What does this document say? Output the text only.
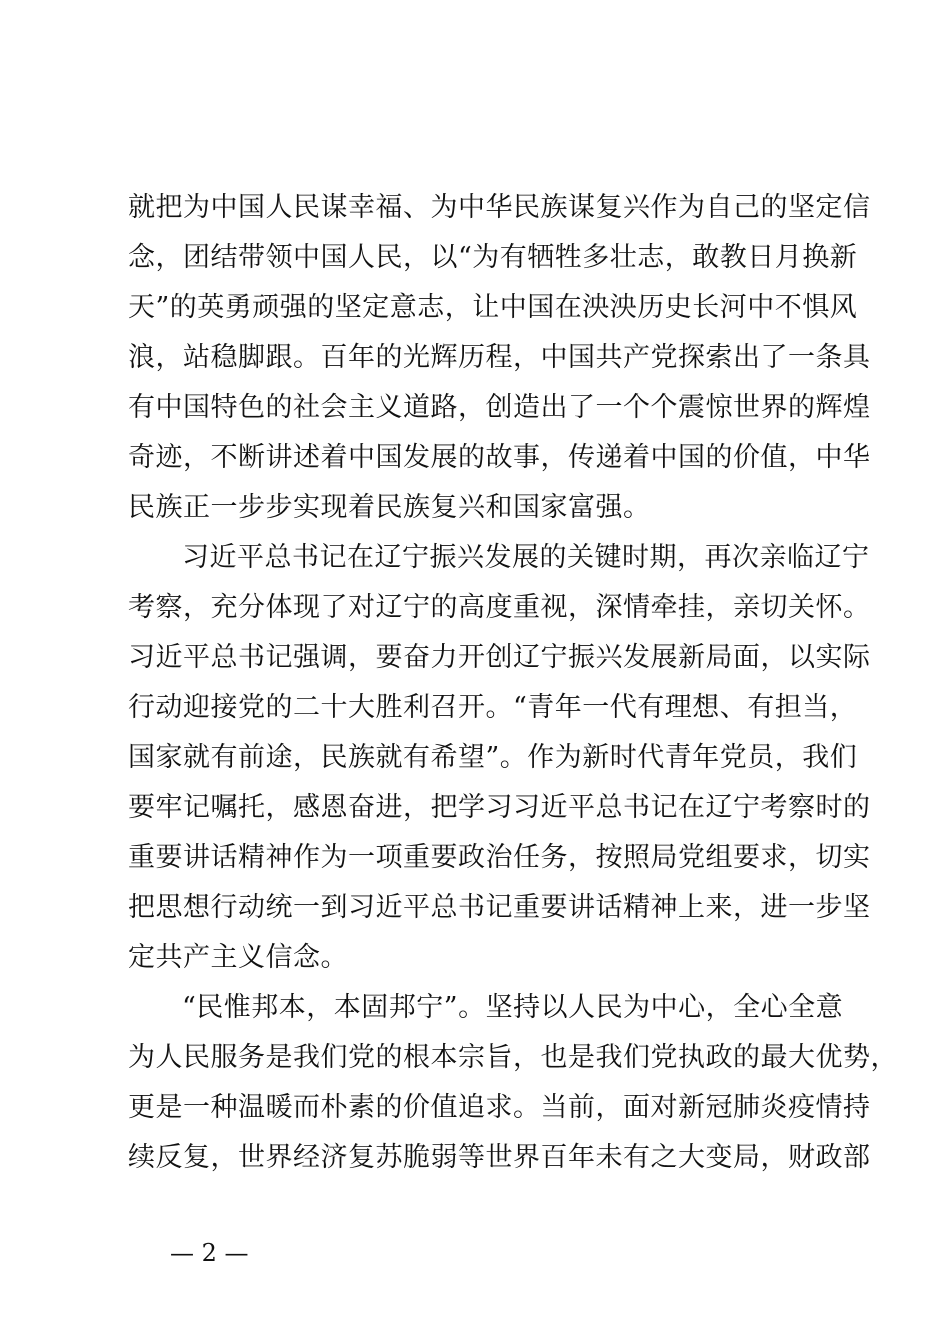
就把为中国人民谋幸福、为中华民族谋复兴作为自己的坚定信
念，团结带领中国人民，以“为有牺牲多壮志，敢教日月换新
天”的英勇顽强的坚定意志，让中国在泱泱历史长河中不惧风
浪，站稳脚跟。百年的光辉历程，中国共产党探索出了一条具
有中国特色的社会主义道路，创造出了一个个震惊世界的辉煌
奇迹，不断讲述着中国发展的故事，传递着中国的价值，中华
民族正一步步实现着民族复兴和国家富强。
习近平总书记在辽宁振兴发展的关键时期，再次亲临辽宁
考察，充分体现了对辽宁的高度重视，深情牵挂，亲切关怀。
习近平总书记强调，要奋力开创辽宁振兴发展新局面，以实际
行动迎接党的二十大胜利召开。“青年一代有理想、有担当，
国家就有前途，民族就有希望”。作为新时代青年党员，我们
要牢记嘱托，感恩奋进，把学习习近平总书记在辽宁考察时的
重要讲话精神作为一项重要政治任务，按照局党组要求，切实
把思想行动统一到习近平总书记重要讲话精神上来，进一步坚
定共产主义信念。
“民惟邦本，本固邦宁”。坚持以人民为中心，全心全意
为人民服务是我们党的根本宗旨，也是我们党执政的最大优势，
更是一种温暖而朴素的价值追求。当前，面对新冠肺炎疫情持
续反复，世界经济复苏脆弱等世界百年未有之大变局，财政部
— 2 —
